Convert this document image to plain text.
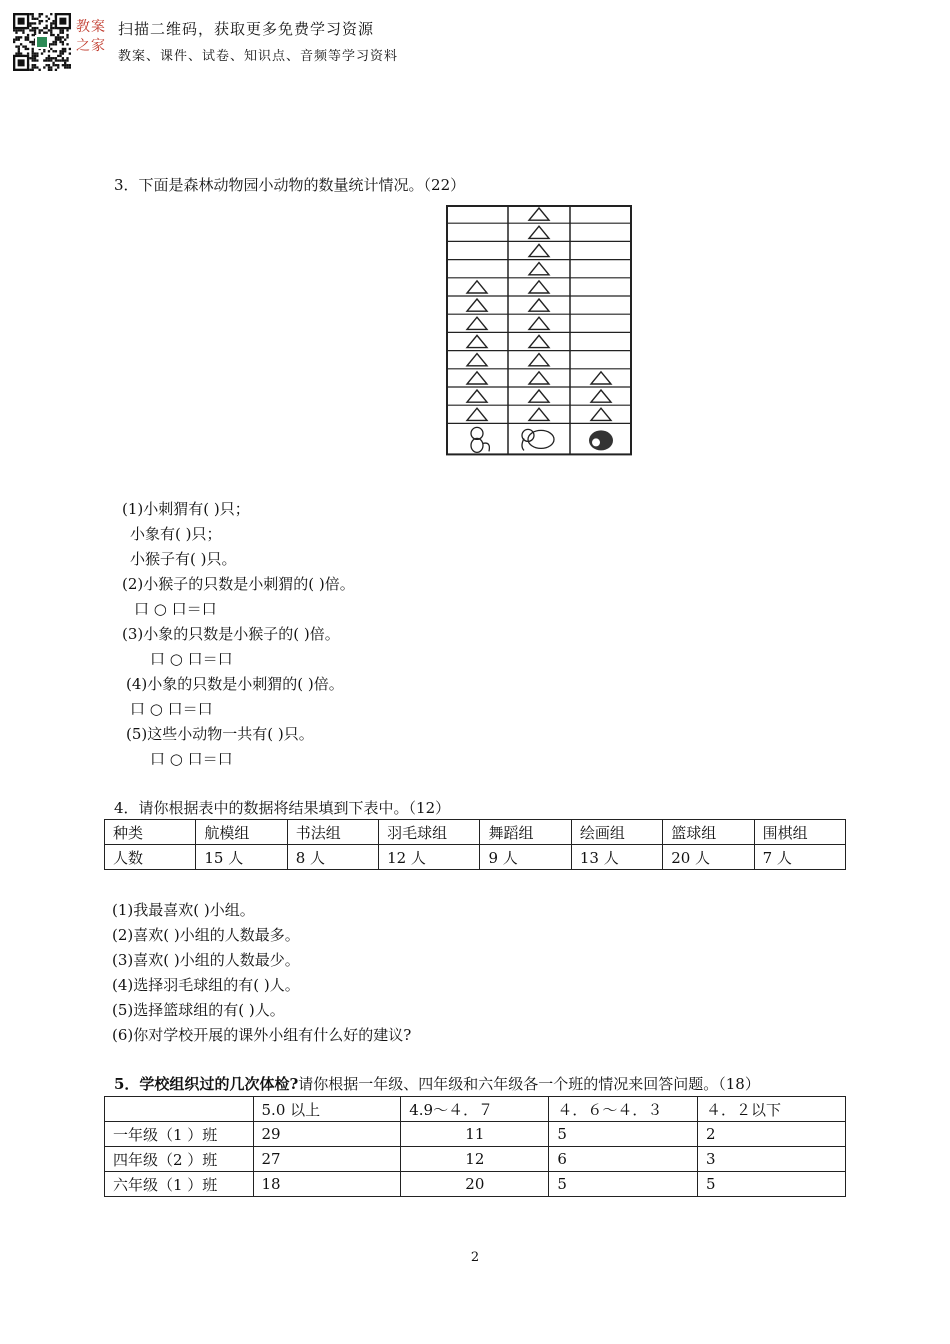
教案
之家
扫描二维码，获取更多免费学习资源
教案、课件、试卷、知识点、音频等学习资料
3．下面是森林动物园小动物的数量统计情况。（22）
(1)小刺猬有( )只；
小象有( )只；
小猴子有( )只。
(2)小猴子的只数是小刺猬的( )倍。
口 ○ 口＝口
(3)小象的只数是小猴子的( )倍。
口 ○ 口＝口
(4)小象的只数是小刺猬的( )倍。
口 ○ 口＝口
(5)这些小动物一共有( )只。
口 ○ 口＝口
4．请你根据表中的数据将结果填到下表中。（12）
种类	航模组	书法组	羽毛球组	舞蹈组	绘画组	篮球组	围棋组
人数	15 人	8 人	12 人	9 人	13 人	20 人	7 人
(1)我最喜欢( )小组。
(2)喜欢( )小组的人数最多。
(3)喜欢( )小组的人数最少。
(4)选择羽毛球组的有( )人。
(5)选择篮球组的有( )人。
(6)你对学校开展的课外小组有什么好的建议?
5．学校组织过的几次体检?请你根据一年级、四年级和六年级各一个班的情况来回答问题。（18）
	5.0 以上	4.9～４．７	４．６～４．３	４．２以下
一年级（1 ）班	29	11	5	2
四年级（2 ）班	27	12	6	3
六年级（1 ）班	18	20	5	5
2
